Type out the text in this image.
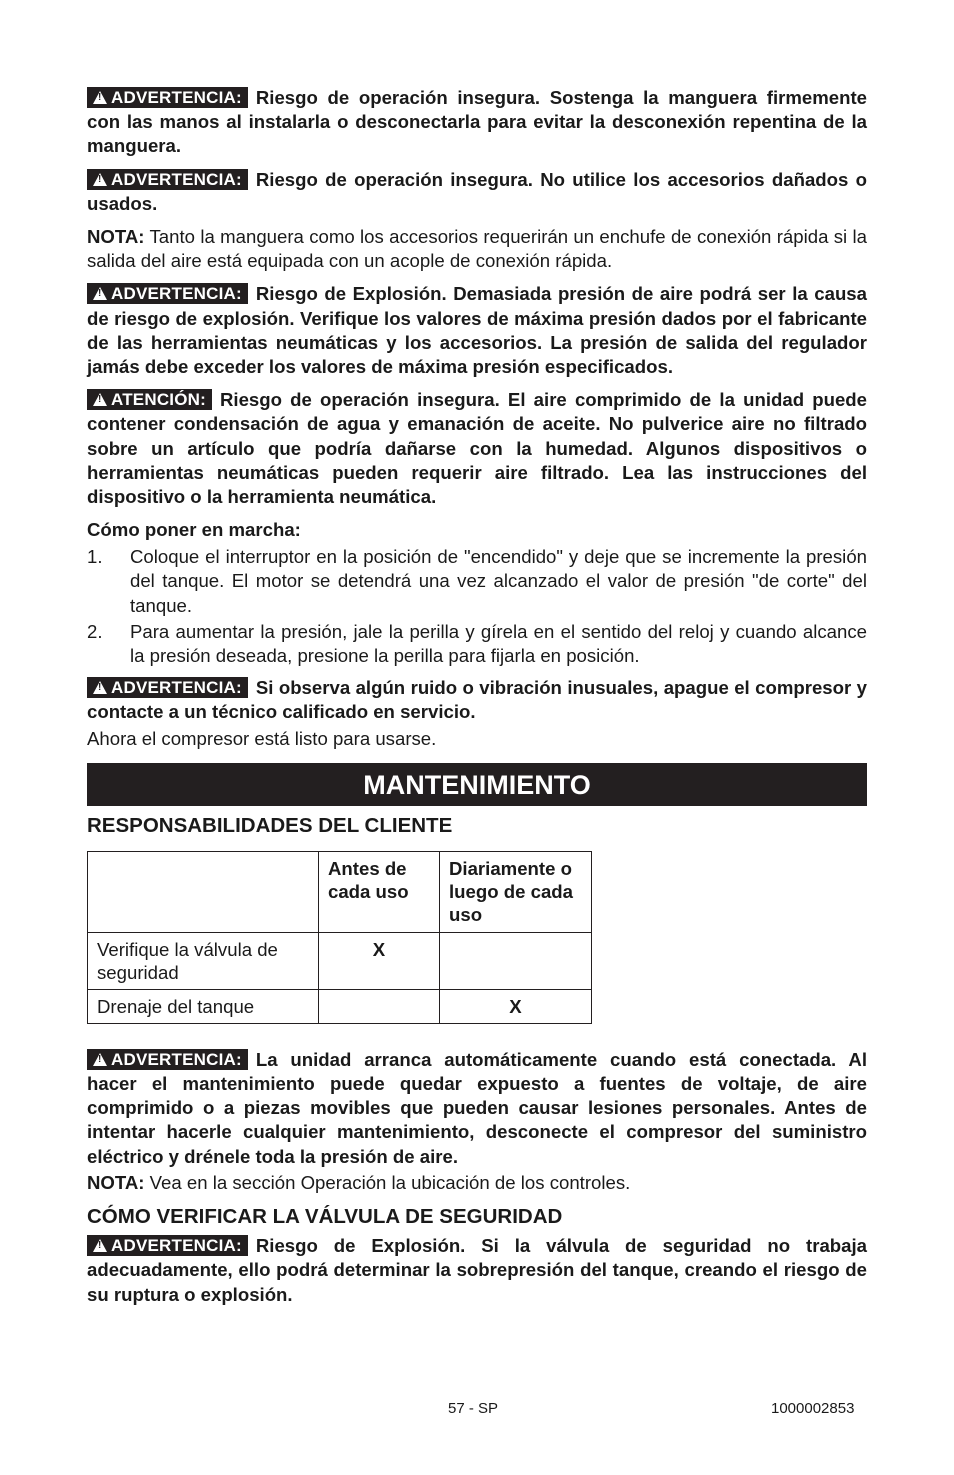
! ADVERTENCIA: Riesgo de operación insegura. Sostenga la manguera firmemente con las manos al instalarla o desconectarla para evitar la desconexión repentina de la manguera.

! ADVERTENCIA: Riesgo de operación insegura. No utilice los accesorios dañados o usados.

NOTA: Tanto la manguera como los accesorios requerirán un enchufe de conexión rápida si la salida del aire está equipada con un acople de conexión rápida.

! ADVERTENCIA: Riesgo de Explosión. Demasiada presión de aire podrá ser la causa de riesgo de explosión. Verifique los valores de máxima presión dados por el fabricante de las herramientas neumáticas y los accesorios. La presión de salida del regulador jamás debe exceder los valores de máxima presión especificados.

! ATENCIÓN: Riesgo de operación insegura. El aire comprimido de la unidad puede contener condensación de agua y emanación de aceite. No pulverice aire no filtrado sobre un artículo que podría dañarse con la humedad. Algunos dispositivos o herramientas neumáticas pueden requerir aire filtrado. Lea las instrucciones del dispositivo o la herramienta neumática.

Cómo poner en marcha:

1. Coloque el interruptor en la posición de "encendido" y deje que se incremente la presión del tanque. El motor se detendrá una vez alcanzado el valor de presión "de corte" del tanque.
2. Para aumentar la presión, jale la perilla y gírela en el sentido del reloj y cuando alcance la presión deseada, presione la perilla para fijarla en posición.

! ADVERTENCIA: Si observa algún ruido o vibración inusuales, apague el compresor y contacte a un técnico calificado en servicio.

Ahora el compresor está listo para usarse.

MANTENIMIENTO
RESPONSABILIDADES DEL CLIENTE
	Antes de cada uso	Diariamente o luego de cada uso
Verifique la válvula de seguridad	X	
Drenaje del tanque		X

! ADVERTENCIA: La unidad arranca automáticamente cuando está conectada. Al hacer el mantenimiento puede quedar expuesto a fuentes de voltaje, de aire comprimido o a piezas movibles que pueden causar lesiones personales. Antes de intentar hacerle cualquier mantenimiento, desconecte el compresor del suministro eléctrico y drénele toda la presión de aire.

NOTA: Vea en la sección Operación la ubicación de los controles.

CÓMO VERIFICAR LA VÁLVULA DE SEGURIDAD

! ADVERTENCIA: Riesgo de Explosión. Si la válvula de seguridad no trabaja adecuadamente, ello podrá determinar la sobrepresión del tanque, creando el riesgo de su ruptura o explosión.

57 - SP	1000002853
